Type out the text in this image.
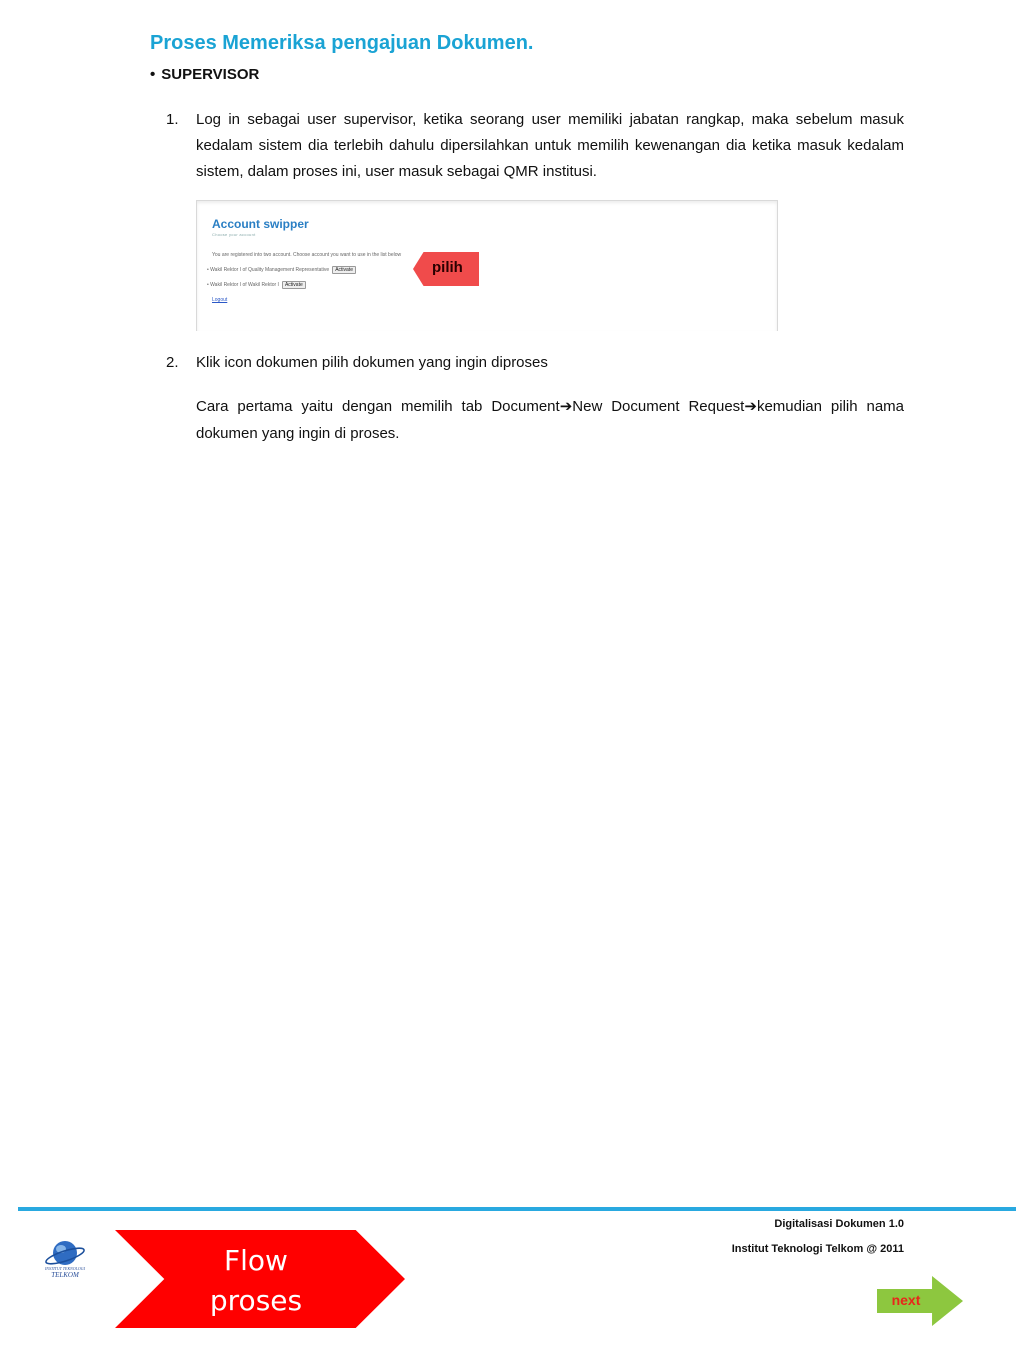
Proses Memeriksa pengajuan Dokumen.
• SUPERVISOR
1.	Log in sebagai user supervisor, ketika seorang user memiliki jabatan rangkap, maka sebelum masuk kedalam sistem dia terlebih dahulu dipersilahkan untuk memilih kewenangan dia ketika masuk kedalam sistem, dalam proses ini, user masuk sebagai QMR institusi.
Account swipper
Choose your account
You are registered into two account. Choose account you want to use in the list below
• Wakil Rektor I of Quality Management Representative Activate
• Wakil Rektor I of Wakil Rektor I Activate
Logout
pilih
2.	Klik icon dokumen pilih dokumen yang ingin diproses
Cara pertama yaitu dengan memilih tab Document➔New Document Request➔kemudian pilih nama dokumen yang ingin di proses.
INSTITUT TEKNOLOGI
TELKOM	Flow
proses
Digitalisasi Dokumen 1.0
Institut Teknologi Telkom @ 2011
next
